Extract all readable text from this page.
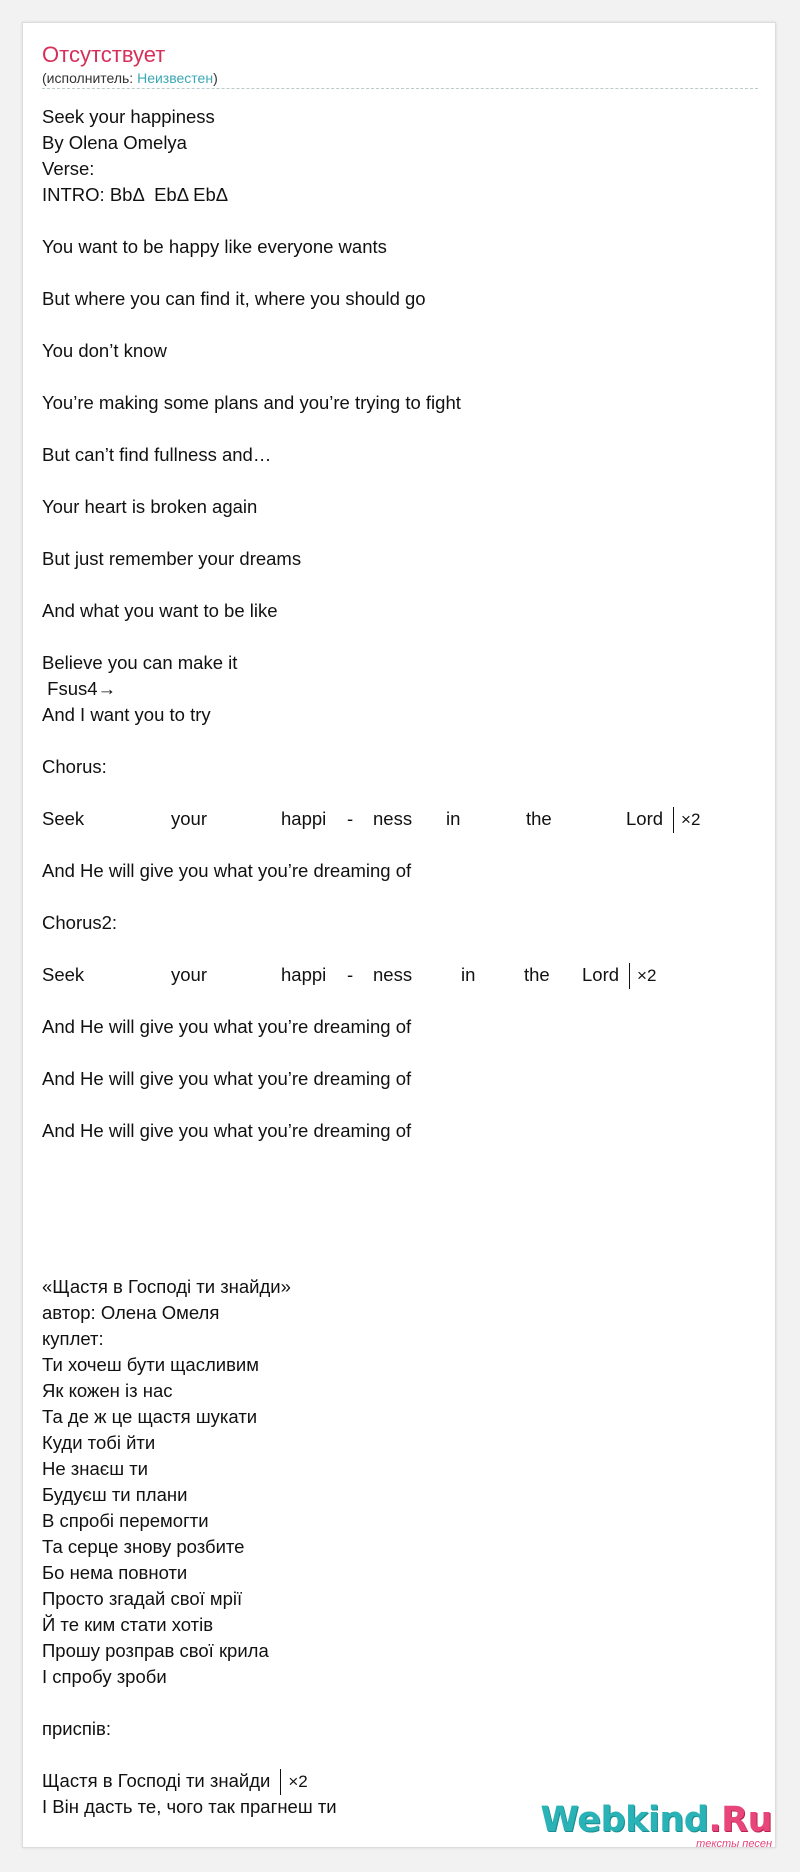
Отсутствует
(исполнитель: Неизвестен)
Seek your happiness
By Olena Omelya
Verse:
INTRO: BbΔ  EbΔ EbΔ
You want to be happy like everyone wants
But where you can find it, where you should go
You don’t know
You’re making some plans and you’re trying to fight
But can’t find fullness and…
Your heart is broken again
But just remember your dreams
And what you want to be like
Believe you can make it
Fsus4→
And I want you to try
Chorus:
Seek	your	happi	-	ness	in	the	Lord	×2
And He will give you what you’re dreaming of
Chorus2:
Seek	your	happi	-	ness	in	the	Lord	×2
And He will give you what you’re dreaming of
And He will give you what you’re dreaming of
And He will give you what you’re dreaming of
«Щастя в Господі ти знайди»
автор: Олена Омеля
куплет:
Ти хочеш бути щасливим
Як кожен із нас
Та де ж це щастя шукати
Куди тобі йти
Не знаєш ти
Будуєш ти плани
В спробі перемогти
Та серце знову розбите
Бо нема повноти
Просто згадай свої мрії
Й те ким стати хотів
Прошу розправ свої крила
І спробу зроби
приспів:
Щастя в Господі ти знайди	×2
І Він дасть те, чого так прагнеш ти	Webkind.Ru
тексты песен
